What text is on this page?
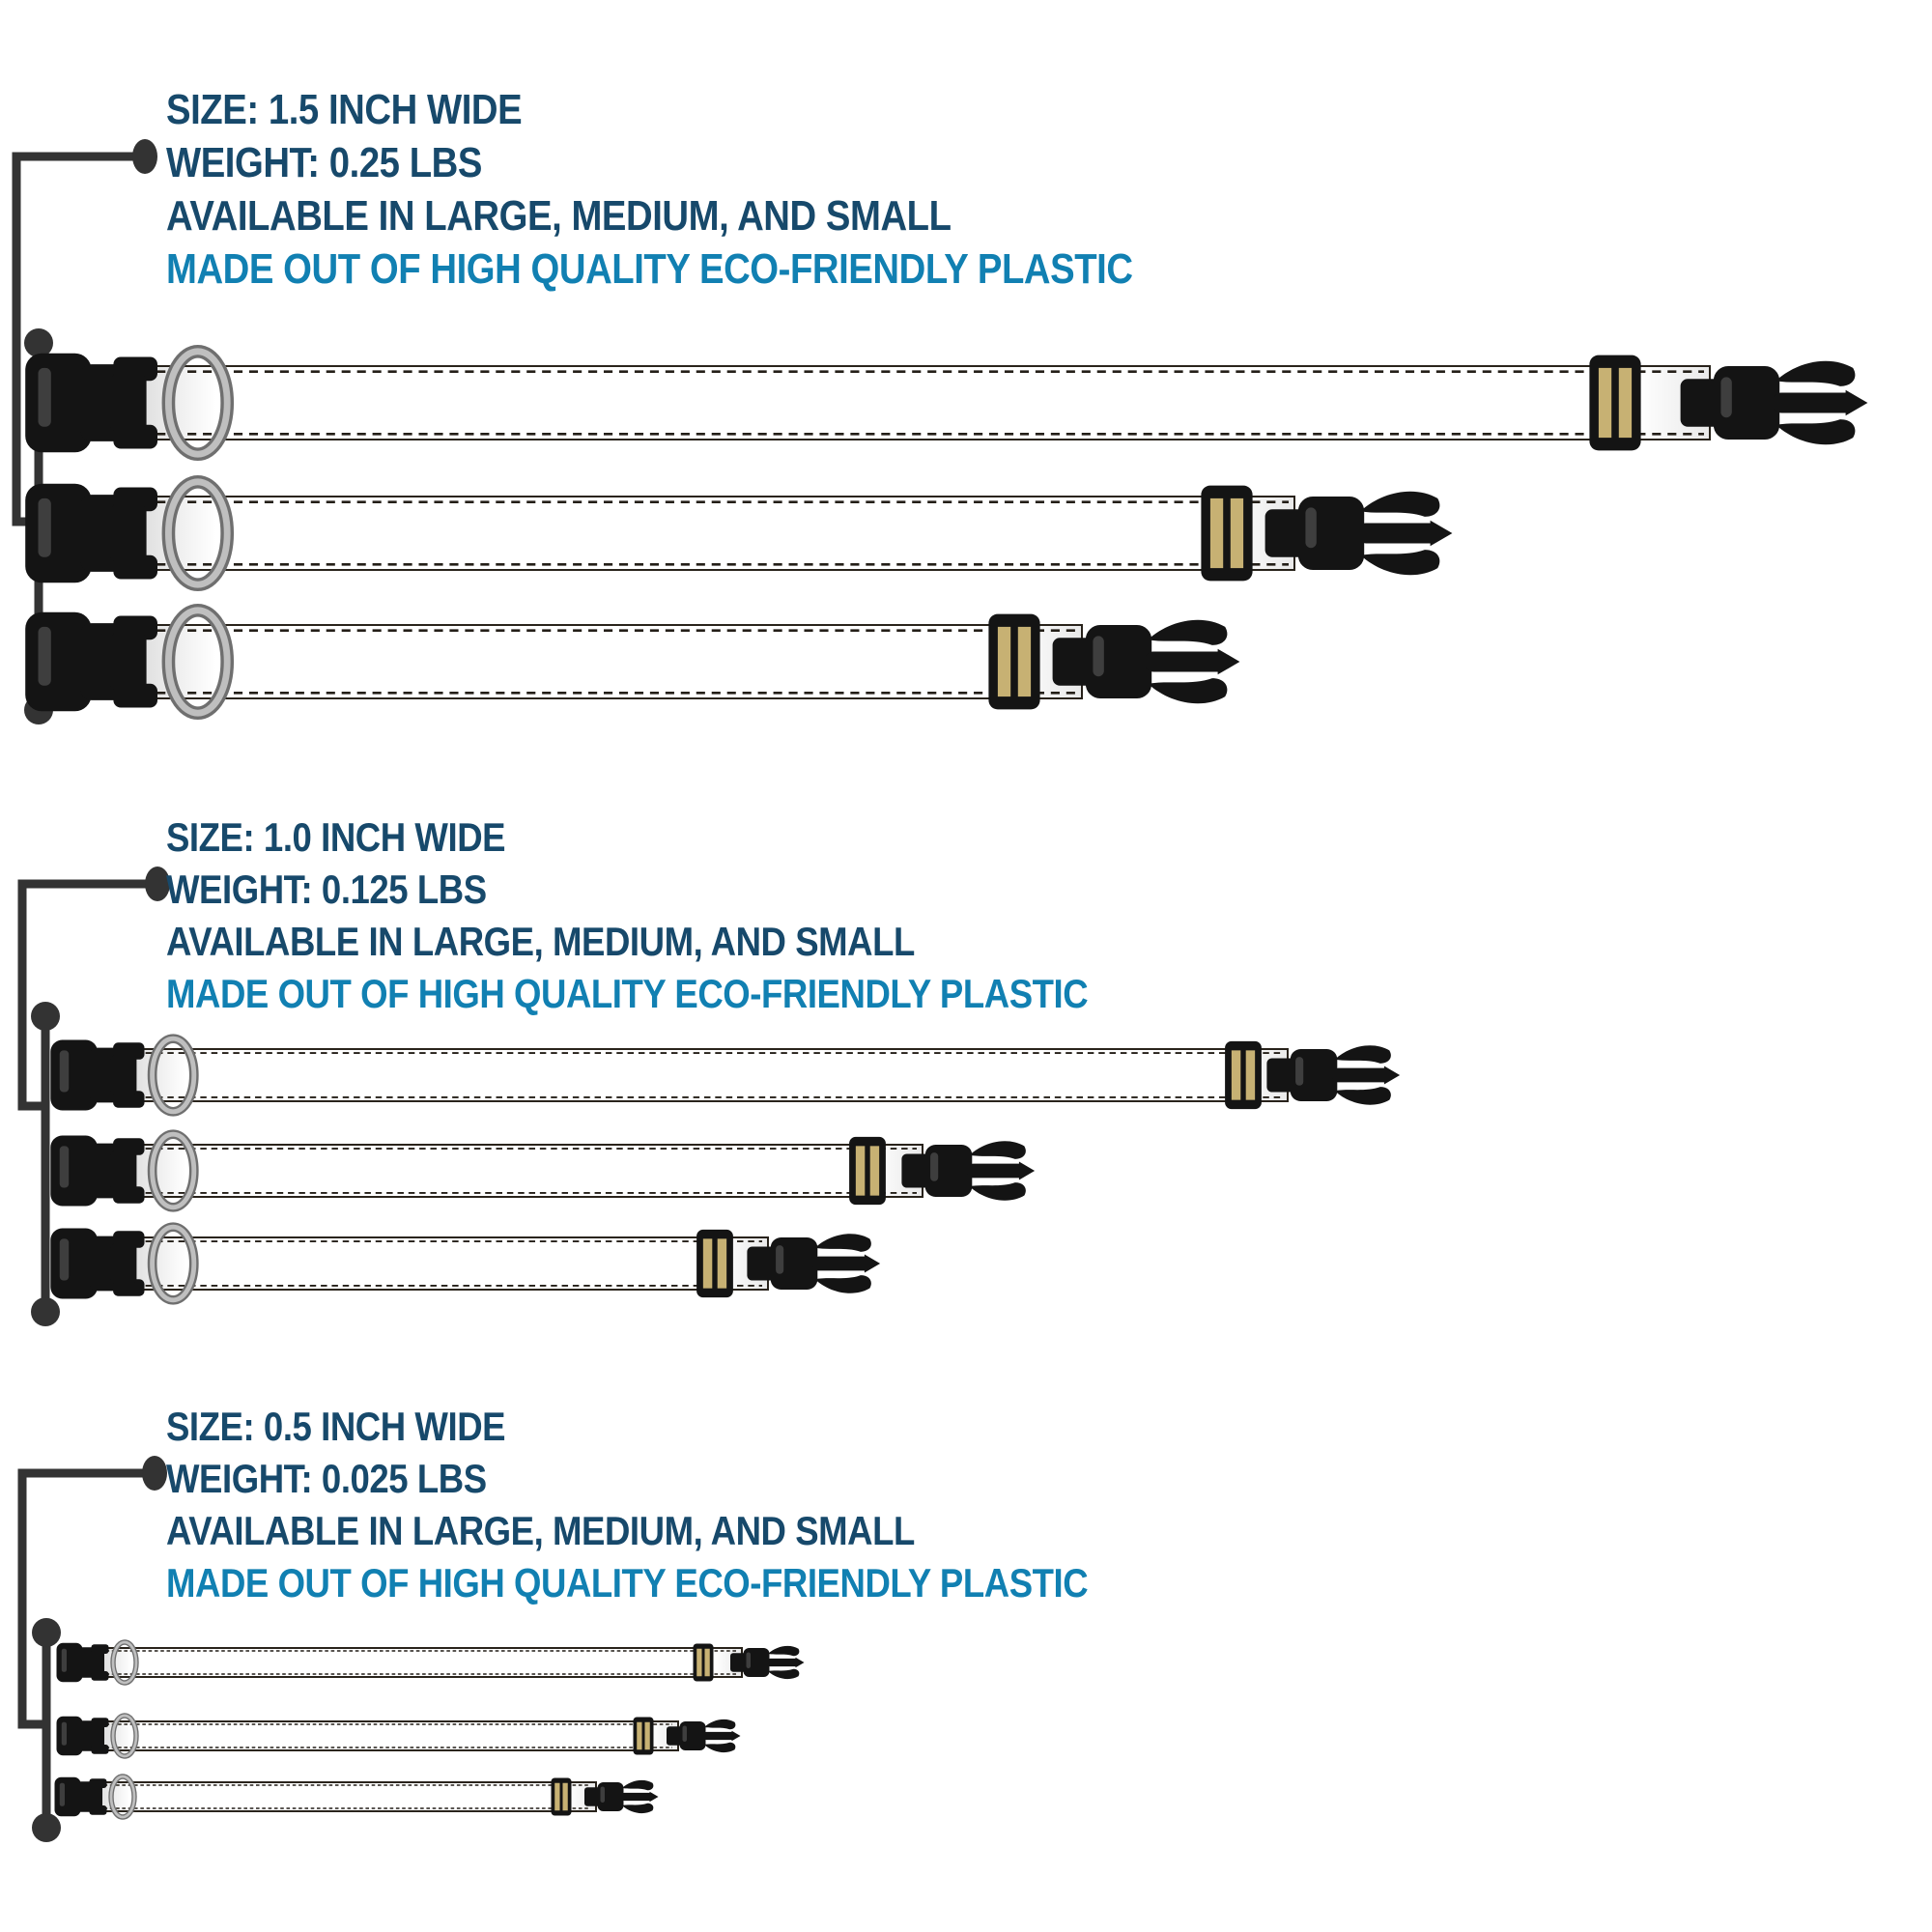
LUCKY
SIZE: 1.5 INCH WIDE
WEIGHT: 0.25 LBS
AVAILABLE IN LARGE, MEDIUM, AND SMALL
MADE OUT OF HIGH QUALITY ECO-FRIENDLY PLASTIC
SIZE: 1.0 INCH WIDE
WEIGHT: 0.125 LBS
AVAILABLE IN LARGE, MEDIUM, AND SMALL
MADE OUT OF HIGH QUALITY ECO-FRIENDLY PLASTIC
SIZE: 0.5 INCH WIDE
WEIGHT: 0.025 LBS
AVAILABLE IN LARGE, MEDIUM, AND SMALL
MADE OUT OF HIGH QUALITY ECO-FRIENDLY PLASTIC
